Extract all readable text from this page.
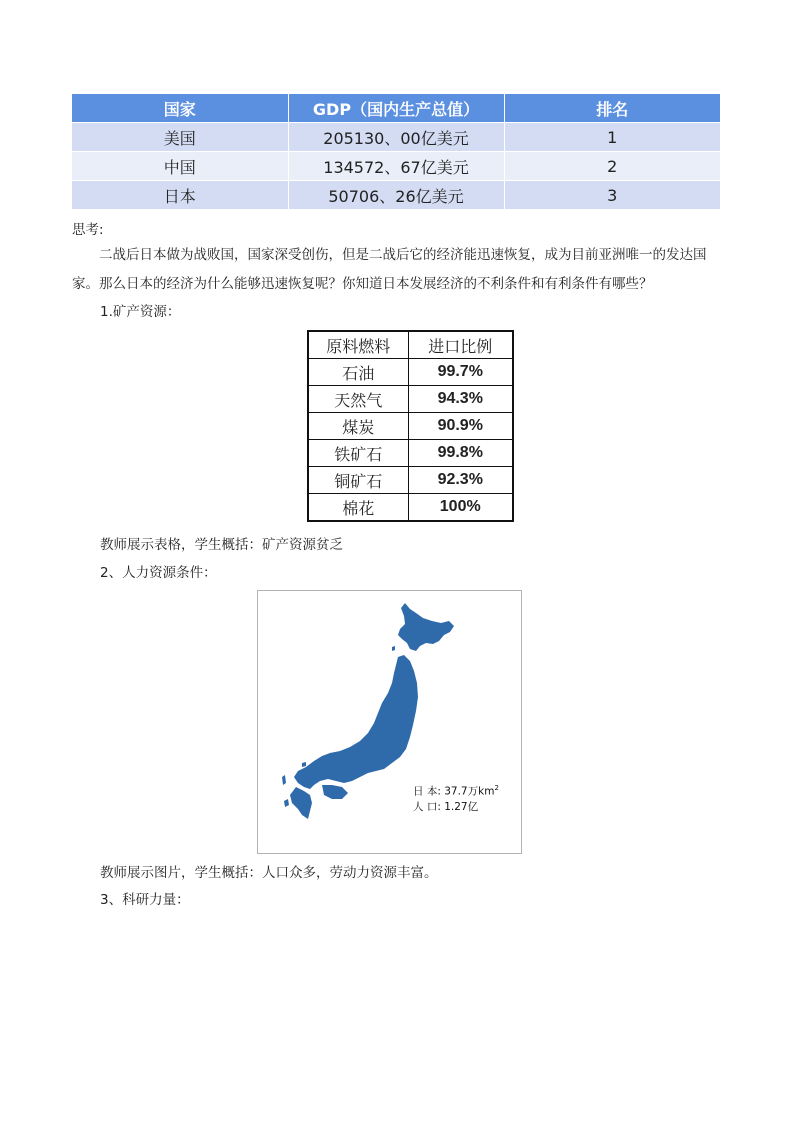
国家	GDP（国内生产总值）	排名
美国	205130、00亿美元	1
中国	134572、67亿美元	2
日本	50706、26亿美元	3

思考:

二战后日本做为战败国，国家深受创伤，但是二战后它的经济能迅速恢复，成为目前亚洲唯一的发达国家。那么日本的经济为什么能够迅速恢复呢？你知道日本发展经济的不利条件和有利条件有哪些？

1.矿产资源：

原料燃料	进口比例
石油	99.7%
天然气	94.3%
煤炭	90.9%
铁矿石	99.8%
铜矿石	92.3%
棉花	100%

教师展示表格，学生概括：矿产资源贫乏

2、人力资源条件：

日 本: 37.7万$km^2$
人 口: 1.27亿

教师展示图片，学生概括：人口众多，劳动力资源丰富。

3、科研力量：
